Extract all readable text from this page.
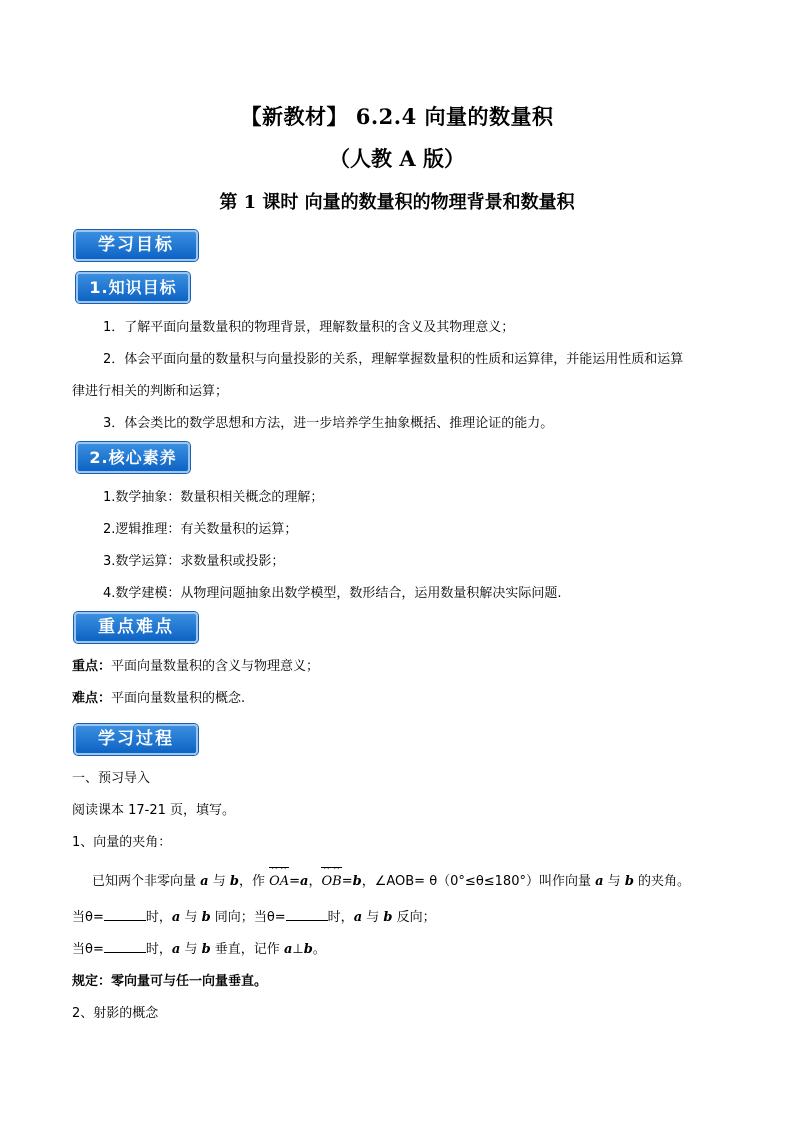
【新教材】 6.2.4 向量的数量积
（人教 A 版）
第 1 课时 向量的数量积的物理背景和数量积
学习目标
1.知识目标
1．了解平面向量数量积的物理背景，理解数量积的含义及其物理意义；
2．体会平面向量的数量积与向量投影的关系，理解掌握数量积的性质和运算律，并能运用性质和运算
律进行相关的判断和运算；
3．体会类比的数学思想和方法，进一步培养学生抽象概括、推理论证的能力。
2.核心素养
1.数学抽象：数量积相关概念的理解；
2.逻辑推理：有关数量积的运算；
3.数学运算：求数量积或投影；
4.数学建模：从物理问题抽象出数学模型，数形结合，运用数量积解决实际问题.
重点难点
重点：平面向量数量积的含义与物理意义；
难点：平面向量数量积的概念.
学习过程
一、预习导入
阅读课本 17-21 页，填写。
1、向量的夹角：
已知两个非零向量 a 与 b，作
OA=a，
OB=b，∠AOB= θ（0°≤θ≤180°）叫作向量 a 与 b 的夹角。
当θ=	时，a 与 b 同向；当θ=	时，a 与 b 反向；
当θ=	时，a 与 b 垂直，记作 a⊥b。
规定：零向量可与任一向量垂直。
2、射影的概念
